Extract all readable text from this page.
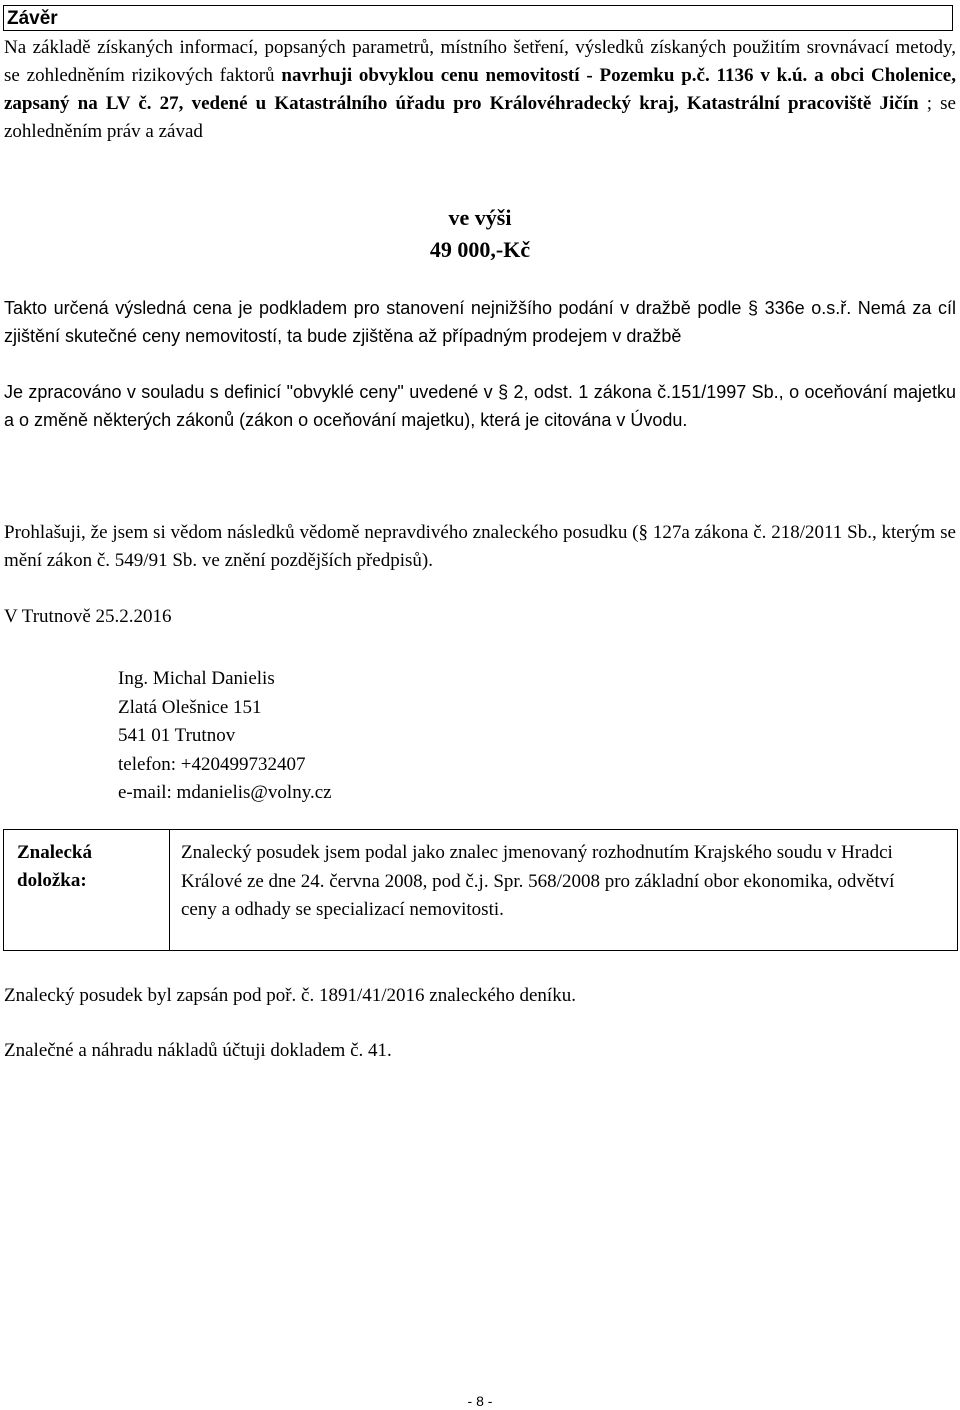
Závěr
Na základě získaných informací, popsaných parametrů, místního šetření, výsledků získaných použitím srovnávací metody, se zohledněním rizikových faktorů navrhuji obvyklou cenu nemovitostí - Pozemku p.č. 1136 v k.ú. a obci Cholenice, zapsaný na LV č. 27, vedené u Katastrálního úřadu pro Královéhradecký kraj, Katastrální pracoviště Jičín ; se zohledněním práv a závad
ve výši
49 000,-Kč
Takto určená výsledná cena je podkladem pro stanovení nejnižšího podání v dražbě podle § 336e o.s.ř. Nemá za cíl zjištění skutečné ceny nemovitostí, ta bude zjištěna až případným prodejem v dražbě
Je zpracováno v souladu s definicí "obvyklé ceny" uvedené v § 2, odst. 1 zákona č.151/1997 Sb., o oceňování majetku a o změně některých zákonů (zákon o oceňování majetku), která je citována v Úvodu.
Prohlašuji, že jsem si vědom následků vědomě nepravdivého znaleckého posudku (§ 127a zákona č. 218/2011 Sb., kterým se mění zákon č. 549/91 Sb. ve znění pozdějších předpisů).
V Trutnově 25.2.2016
Ing. Michal Danielis
Zlatá Olešnice 151
541 01 Trutnov
telefon: +420499732407
e-mail: mdanielis@volny.cz
Znalecká
doložka:
Znalecký posudek jsem podal jako znalec jmenovaný rozhodnutím Krajského soudu v Hradci Králové ze dne 24. června 2008, pod č.j. Spr. 568/2008 pro základní obor ekonomika, odvětví ceny a odhady se specializací nemovitosti.
Znalecký posudek byl zapsán pod poř. č. 1891/41/2016 znaleckého deníku.
Znalečné a náhradu nákladů účtuji dokladem č. 41.
- 8 -
